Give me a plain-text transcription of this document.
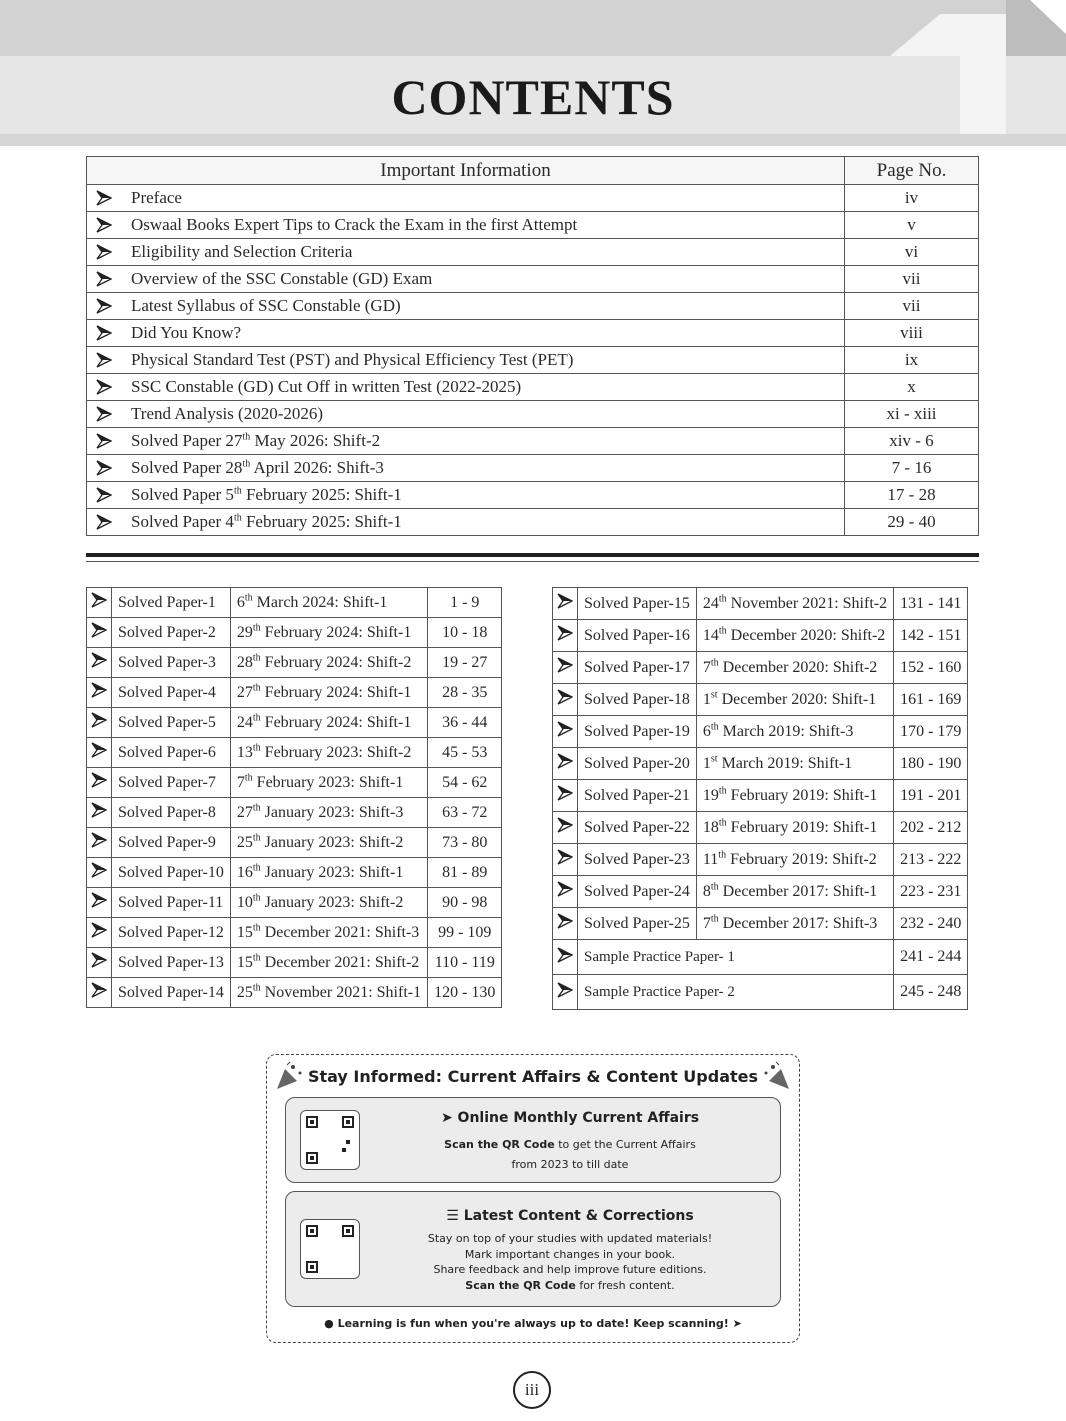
CONTENTS
Important Information		Page No.

	Preface	iv

	Oswaal Books Expert Tips to Crack the Exam in the first Attempt	v

	Eligibility and Selection Criteria	vi

	Overview of the SSC Constable (GD) Exam	vii

	Latest Syllabus of SSC Constable (GD)	vii

	Did You Know?	viii

	Physical Standard Test (PST) and Physical Efficiency Test (PET)	ix

	SSC Constable (GD) Cut Off in written Test (2022-2025)	x

	Trend Analysis (2020-2026)	xi - xiii

	Solved Paper 27th May 2026: Shift-2	xiv - 6

	Solved Paper 28th April 2026: Shift-3	7 - 16

	Solved Paper 5th February 2025: Shift-1	17 - 28

	Solved Paper 4th February 2025: Shift-1	29 - 40
	Solved Paper-1	6th March 2024: Shift-1	1 - 9
	Solved Paper-2	29th February 2024: Shift-1	10 - 18
	Solved Paper-3	28th February 2024: Shift-2	19 - 27
	Solved Paper-4	27th February 2024: Shift-1	28 - 35
	Solved Paper-5	24th February 2024: Shift-1	36 - 44
	Solved Paper-6	13th February 2023: Shift-2	45 - 53
	Solved Paper-7	7th February 2023: Shift-1	54 - 62
	Solved Paper-8	27th January 2023: Shift-3	63 - 72
	Solved Paper-9	25th January 2023: Shift-2	73 - 80
	Solved Paper-10	16th January 2023: Shift-1	81 - 89
	Solved Paper-11	10th January 2023: Shift-2	90 - 98
	Solved Paper-12	15th December 2021: Shift-3	99 - 109
	Solved Paper-13	15th December 2021: Shift-2	110 - 119
	Solved Paper-14	25th November 2021: Shift-1	120 - 130
	Solved Paper-15	24th November 2021: Shift-2	131 - 141
	Solved Paper-16	14th December 2020: Shift-2	142 - 151
	Solved Paper-17	7th December 2020: Shift-2	152 - 160
	Solved Paper-18	1st December 2020: Shift-1	161 - 169
	Solved Paper-19	6th March 2019: Shift-3	170 - 179
	Solved Paper-20	1st March 2019: Shift-1	180 - 190
	Solved Paper-21	19th February 2019: Shift-1	191 - 201
	Solved Paper-22	18th February 2019: Shift-1	202 - 212
	Solved Paper-23	11th February 2019: Shift-2	213 - 222
	Solved Paper-24	8th December 2017: Shift-1	223 - 231
	Solved Paper-25	7th December 2017: Shift-3	232 - 240
	Sample Practice Paper- 1		241 - 244
	Sample Practice Paper- 2		245 - 248
Stay Informed: Current Affairs & Content Updates
➤ Online Monthly Current Affairs
Scan the QR Code to get the Current Affairs
from 2023 to till date
☰ Latest Content & Corrections
Stay on top of your studies with updated materials!
Mark important changes in your book.
Share feedback and help improve future editions.
Scan the QR Code for fresh content.
● Learning is fun when you're always up to date! Keep scanning! ➤
iii
